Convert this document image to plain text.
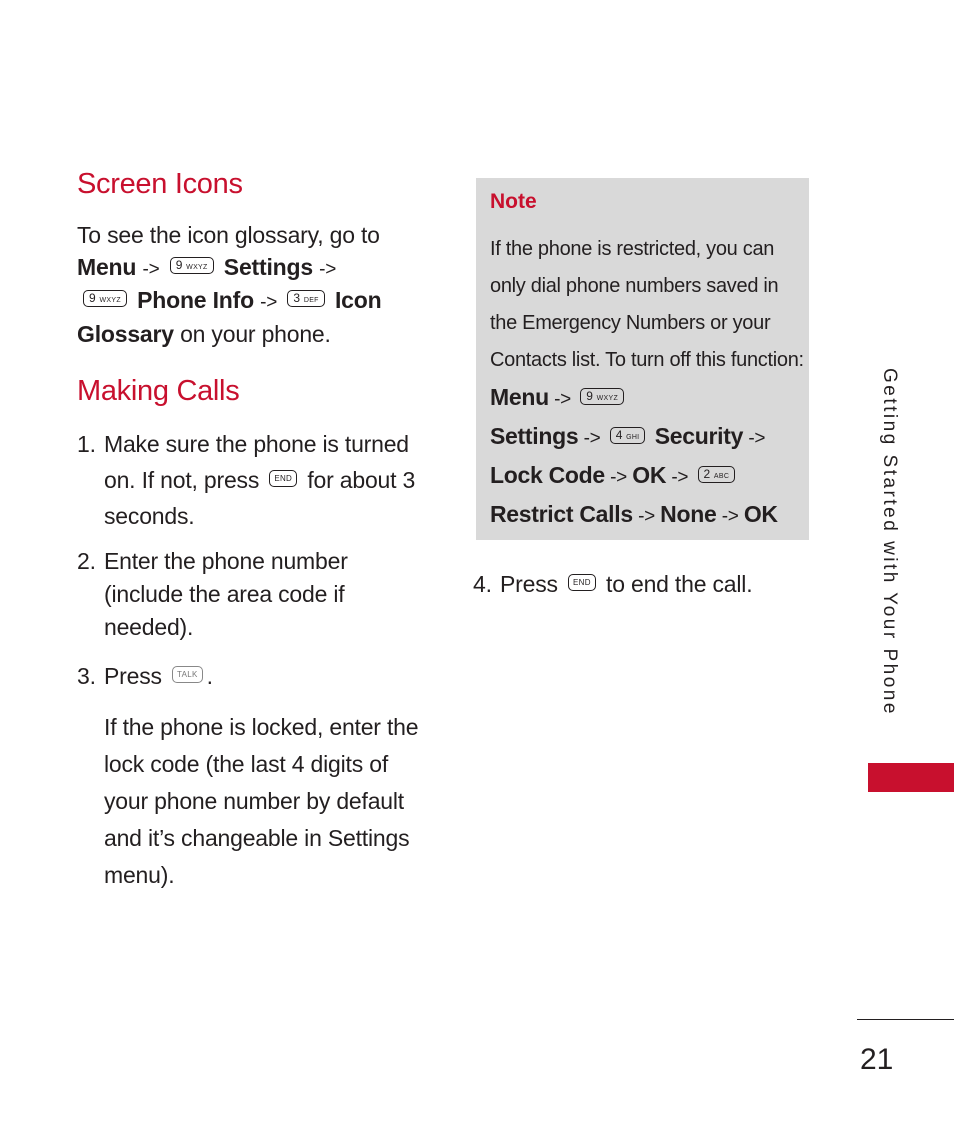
Screen Icons

To see the icon glossary, go to
Menu -> 9 WXYZ Settings ->
9 WXYZ Phone Info -> 3 DEF Icon
Glossary on your phone.

Making Calls
1. Make sure the phone is turned on. If not, press END for about 3 seconds.
2. Enter the phone number (include the area code if needed).
3. Press TALK .

If the phone is locked, enter the lock code (the last 4 digits of your phone number by default and it’s changeable in Settings menu).

Note

If the phone is restricted, you can only dial phone numbers saved in the Emergency Numbers or your Contacts list. To turn off this function: Menu -> 9 WXYZ
Settings -> 4 GHI Security ->
Lock Code -> OK -> 2 ABC
Restrict Calls -> None -> OK

4. Press END to end the call.	Getting Started with Your Phone

21
